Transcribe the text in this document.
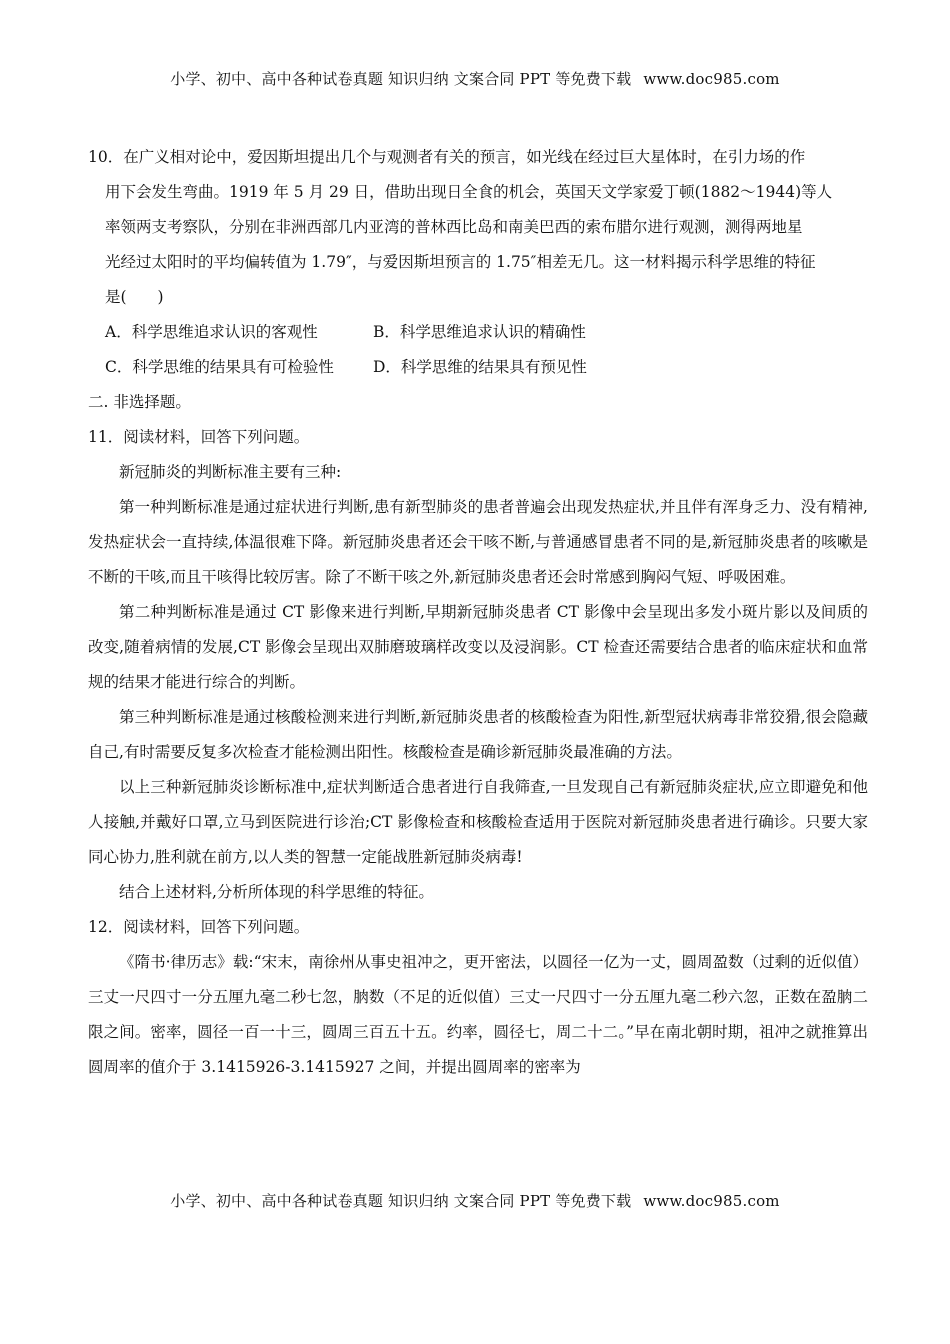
小学、初中、高中各种试卷真题 知识归纳 文案合同 PPT 等免费下载 www.doc985.com

10．在广义相对论中，爱因斯坦提出几个与观测者有关的预言，如光线在经过巨大星体时，在引力场的作

用下会发生弯曲。1919 年 5 月 29 日，借助出现日全食的机会，英国天文学家爱丁顿(1882～1944)等人

率领两支考察队，分别在非洲西部几内亚湾的普林西比岛和南美巴西的索布腊尔进行观测，测得两地星

光经过太阳时的平均偏转值为 1.79″，与爱因斯坦预言的 1.75″相差无几。这一材料揭示科学思维的特征

是(　　)

A．科学思维追求认识的客观性	B．科学思维追求认识的精确性
C．科学思维的结果具有可检验性	D．科学思维的结果具有预见性

二. 非选择题。

11．阅读材料，回答下列问题。

新冠肺炎的判断标准主要有三种:

第一种判断标准是通过症状进行判断,患有新型肺炎的患者普遍会出现发热症状,并且伴有浑身乏力、没有精神,发热症状会一直持续,体温很难下降。新冠肺炎患者还会干咳不断,与普通感冒患者不同的是,新冠肺炎患者的咳嗽是不断的干咳,而且干咳得比较厉害。除了不断干咳之外,新冠肺炎患者还会时常感到胸闷气短、呼吸困难。

第二种判断标准是通过 CT 影像来进行判断,早期新冠肺炎患者 CT 影像中会呈现出多发小斑片影以及间质的改变,随着病情的发展,CT 影像会呈现出双肺磨玻璃样改变以及浸润影。CT 检查还需要结合患者的临床症状和血常规的结果才能进行综合的判断。

第三种判断标准是通过核酸检测来进行判断,新冠肺炎患者的核酸检查为阳性,新型冠状病毒非常狡猾,很会隐藏自己,有时需要反复多次检查才能检测出阳性。核酸检查是确诊新冠肺炎最准确的方法。

以上三种新冠肺炎诊断标准中,症状判断适合患者进行自我筛查,一旦发现自己有新冠肺炎症状,应立即避免和他人接触,并戴好口罩,立马到医院进行诊治;CT 影像检查和核酸检查适用于医院对新冠肺炎患者进行确诊。只要大家同心协力,胜利就在前方,以人类的智慧一定能战胜新冠肺炎病毒!

结合上述材料,分析所体现的科学思维的特征。

12．阅读材料，回答下列问题。

《隋书·律历志》载:“宋末，南徐州从事史祖冲之，更开密法，以圆径一亿为一丈，圆周盈数（过剩的近似值）三丈一尺四寸一分五厘九毫二秒七忽，朒数（不足的近似值）三丈一尺四寸一分五厘九毫二秒六忽，正数在盈朒二限之间。密率，圆径一百一十三，圆周三百五十五。约率，圆径七，周二十二。”早在南北朝时期，祖冲之就推算出圆周率的值介于 3.1415926-3.1415927 之间，并提出圆周率的密率为

小学、初中、高中各种试卷真题 知识归纳 文案合同 PPT 等免费下载 www.doc985.com
